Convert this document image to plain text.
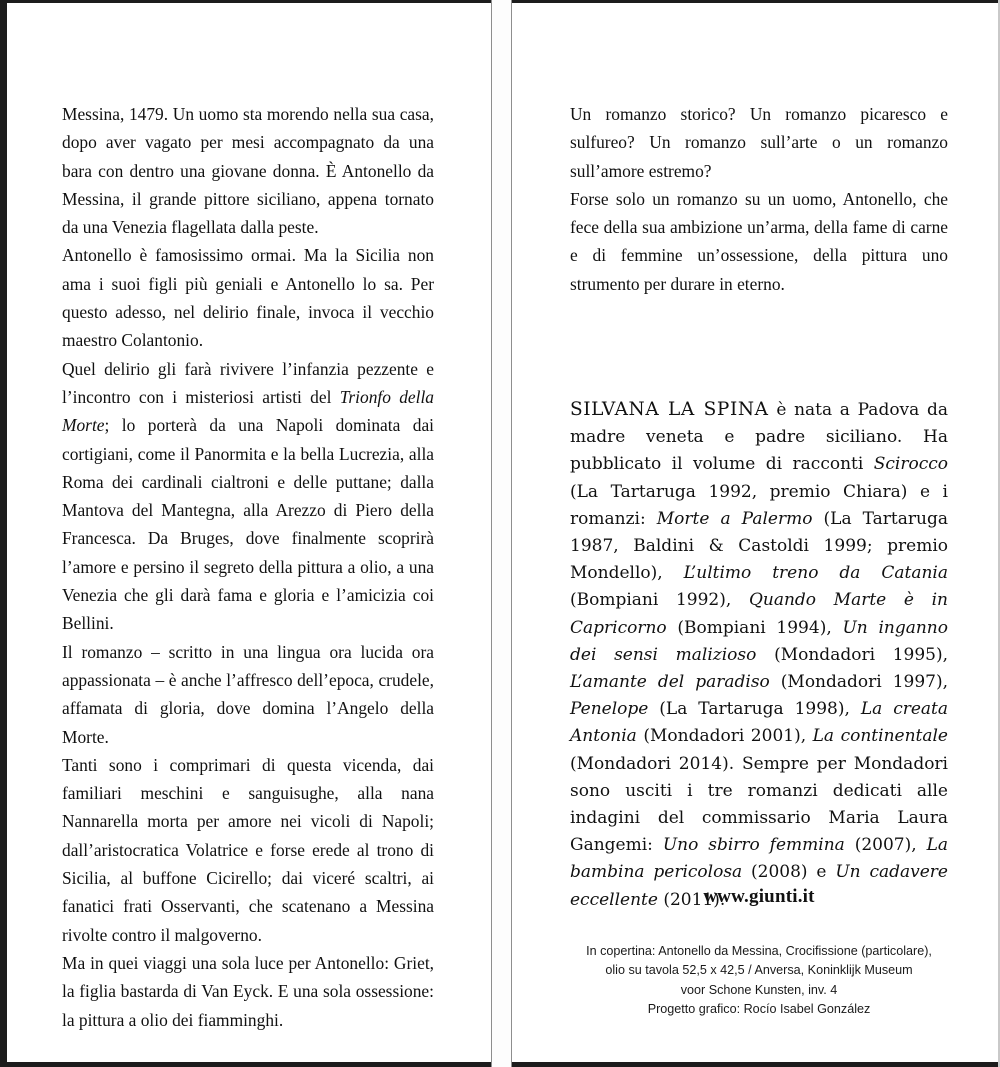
Messina, 1479. Un uomo sta morendo nella sua casa, dopo aver vagato per mesi accompagnato da una bara con dentro una giovane donna. È Antonello da Messina, il grande pittore siciliano, appena tornato da una Venezia flagellata dalla peste.

Antonello è famosissimo ormai. Ma la Sicilia non ama i suoi figli più geniali e Antonello lo sa. Per questo adesso, nel delirio finale, invoca il vecchio maestro Colantonio.

Quel delirio gli farà rivivere l’infanzia pezzente e l’incontro con i misteriosi artisti del Trionfo della Morte; lo porterà da una Napoli dominata dai cortigiani, come il Panormita e la bella Lucrezia, alla Roma dei cardinali cialtroni e delle puttane; dalla Mantova del Mantegna, alla Arezzo di Piero della Francesca. Da Bruges, dove finalmente scoprirà l’amore e persino il segreto della pittura a olio, a una Venezia che gli darà fama e gloria e l’amicizia coi Bellini.

Il romanzo – scritto in una lingua ora lucida ora appassionata – è anche l’affresco dell’epoca, crudele, affamata di gloria, dove domina l’Angelo della Morte.

Tanti sono i comprimari di questa vicenda, dai familiari meschini e sanguisughe, alla nana Nannarella morta per amore nei vicoli di Napoli; dall’aristocratica Volatrice e forse erede al trono di Sicilia, al buffone Cicirello; dai viceré scaltri, ai fanatici frati Osservanti, che scatenano a Messina rivolte contro il malgoverno.

Ma in quei viaggi una sola luce per Antonello: Griet, la figlia bastarda di Van Eyck. E una sola ossessione: la pittura a olio dei fiamminghi.

Un romanzo storico? Un romanzo picaresco e sulfureo? Un romanzo sull’arte o un romanzo sull’amore estremo?

Forse solo un romanzo su un uomo, Antonello, che fece della sua ambizione un’arma, della fame di carne e di femmine un’ossessione, della pittura uno strumento per durare in eterno.

SILVANA LA SPINA è nata a Padova da madre veneta e padre siciliano. Ha pubblicato il volume di racconti Scirocco (La Tartaruga 1992, premio Chiara) e i romanzi: Morte a Palermo (La Tartaruga 1987, Baldini & Castoldi 1999; premio Mondello), L’ultimo treno da Catania (Bompiani 1992), Quando Marte è in Capricorno (Bompiani 1994), Un inganno dei sensi malizioso (Mondadori 1995), L’amante del paradiso (Mondadori 1997), Penelope (La Tartaruga 1998), La creata Antonia (Mondadori 2001), La continentale (Mondadori 2014). Sempre per Mondadori sono usciti i tre romanzi dedicati alle indagini del commissario Maria Laura Gangemi: Uno sbirro femmina (2007), La bambina pericolosa (2008) e Un cadavere eccellente (2011).

www.giunti.it
In copertina: Antonello da Messina, Crocifissione (particolare),
olio su tavola 52,5 x 42,5 / Anversa, Koninklijk Museum
voor Schone Kunsten, inv. 4
Progetto grafico: Rocío Isabel González
